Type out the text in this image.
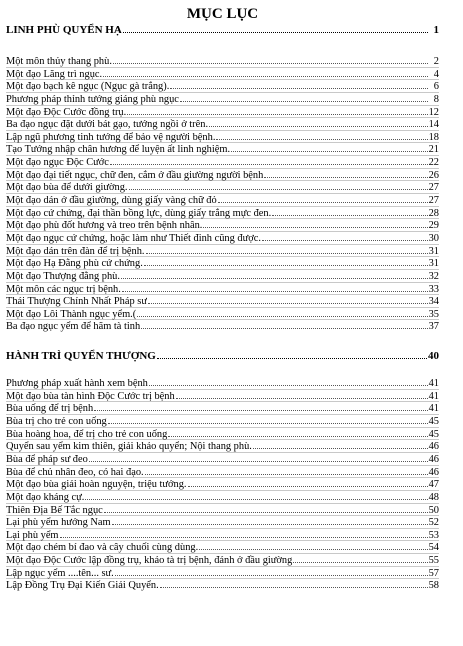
MỤC LỤC
LINH PHÙ QUYỂN HẠ	1
Một môn thủy thang phù.	2
Một đạo Lăng trì ngục.	4
Một đạo bạch kê ngục (Ngục gà trắng).	6
Phương pháp thỉnh tướng giáng phù ngục	8
Một đạo Độc Cước đồng trụ.	12
Ba đạo ngục đặt dưới bát gạo, tướng ngồi ở trên.	14
Lập ngũ phương tinh tướng để bảo vệ người bệnh.	18
Tạo Tướng nhập chân hương để luyện ất linh nghiệm.	21
Một đạo ngục Độc Cước	22
Một đạo đại tiết ngục, chữ đen, cắm ở đầu giường người bệnh	26
Một đạo bùa để dưới giường.	27
Một đạo dán ở đầu giường, dùng giấy vàng chữ đỏ	27
Một đạo cứ chứng, đại thần bồng lực, dùng giấy trắng mực đen.	28
Một đạo phù đốt hương và treo trên bệnh nhân.	29
Một đạo ngục cứ chứng, hoặc làm như Thiết đinh cũng được.	30
Một đạo dán trên đàn để trị bệnh.	31
Một đạo Hạ Đằng phù cứ chứng.	31
Một đạo Thượng đằng phù.	32
Một môn các ngục trị bệnh.	33
Thái Thượng Chính Nhất Pháp sư	34
Một đạo Lôi Thành ngục yểm.(	35
Ba đạo ngục yểm để hãm tà tinh	37
HÀNH TRÌ QUYỂN THƯỢNG	40
Phương pháp xuất hành xem bệnh	41
Một đạo bùa tàn hình Độc Cước trị bệnh	41
Bùa uống để trị bệnh	41
Bùa trị cho trẻ con uống	45
Bùa hoàng hoa, để trị cho trẻ con uống	45
Quyển sau yểm kim thiên, giải khảo quyển; Nội thang phù.	46
Bùa để pháp sư đeo	46
Bùa để chủ nhân đeo, có hai đạo.	46
Một đạo bùa giải hoàn nguyện, triệu tướng.	47
Một đạo kháng cự.	48
Thiên Địa Bế Tắc ngục	50
Lại phù yểm hướng Nam	52
Lại phù yểm	53
Một đạo chém bí đao và cây chuối cùng dùng.	54
Một đạo Độc Cước lập đồng trụ, khảo tà trị bệnh, đánh ở đầu giường	55
Lập ngục yểm ....tên... sư.	57
Lập Đồng Trụ Đại Kiến Giải Quyển.	58
